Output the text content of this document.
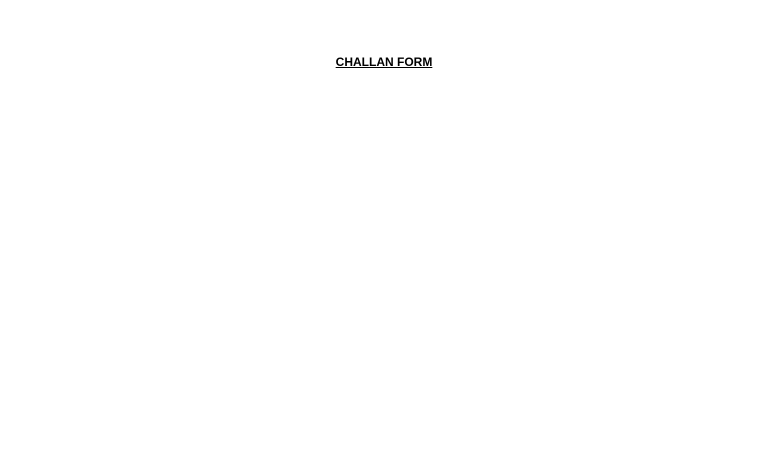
CHALLAN FORM
